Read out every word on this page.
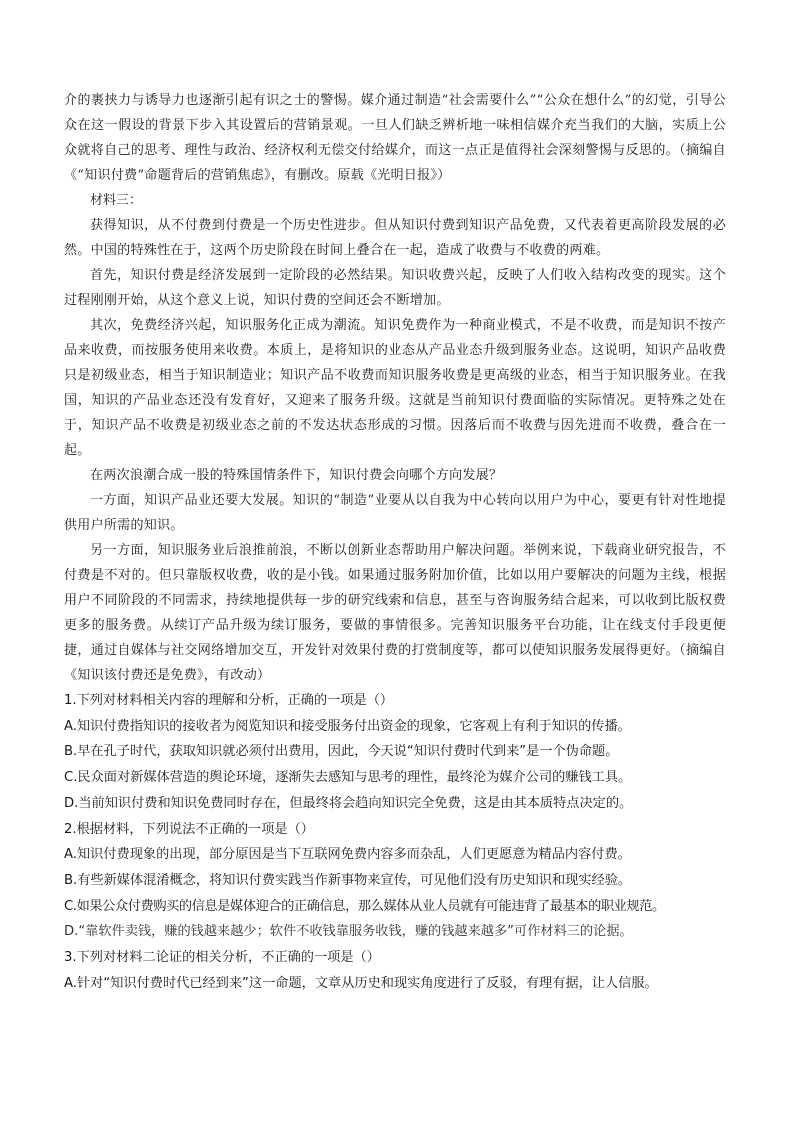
介的裹挟力与诱导力也逐渐引起有识之士的警惕。媒介通过制造“社会需要什么”“公众在想什么”的幻觉，引导公众在这一假设的背景下步入其设置后的营销景观。一旦人们缺乏辨析地一味相信媒介充当我们的大脑，实质上公众就将自己的思考、理性与政治、经济权利无偿交付给媒介，而这一点正是值得社会深刻警惕与反思的。（摘编自《“知识付费”命题背后的营销焦虑》，有删改。原载《光明日报》）

材料三：

获得知识，从不付费到付费是一个历史性进步。但从知识付费到知识产品免费，又代表着更高阶段发展的必然。中国的特殊性在于，这两个历史阶段在时间上叠合在一起，造成了收费与不收费的两难。

首先，知识付费是经济发展到一定阶段的必然结果。知识收费兴起，反映了人们收入结构改变的现实。这个过程刚刚开始，从这个意义上说，知识付费的空间还会不断增加。

其次，免费经济兴起，知识服务化正成为潮流。知识免费作为一种商业模式，不是不收费，而是知识不按产品来收费，而按服务使用来收费。本质上，是将知识的业态从产品业态升级到服务业态。这说明，知识产品收费只是初级业态，相当于知识制造业；知识产品不收费而知识服务收费是更高级的业态，相当于知识服务业。在我国，知识的产品业态还没有发育好，又迎来了服务升级。这就是当前知识付费面临的实际情况。更特殊之处在于，知识产品不收费是初级业态之前的不发达状态形成的习惯。因落后而不收费与因先进而不收费，叠合在一起。

在两次浪潮合成一股的特殊国情条件下，知识付费会向哪个方向发展？

一方面，知识产品业还要大发展。知识的“制造”业要从以自我为中心转向以用户为中心，要更有针对性地提供用户所需的知识。

另一方面，知识服务业后浪推前浪，不断以创新业态帮助用户解决问题。举例来说，下载商业研究报告，不付费是不对的。但只靠版权收费，收的是小钱。如果通过服务附加价值，比如以用户要解决的问题为主线，根据用户不同阶段的不同需求，持续地提供每一步的研究线索和信息，甚至与咨询服务结合起来，可以收到比版权费更多的服务费。从续订产品升级为续订服务，要做的事情很多。完善知识服务平台功能，让在线支付手段更便捷，通过自媒体与社交网络增加交互，开发针对效果付费的打赏制度等，都可以使知识服务发展得更好。（摘编自《知识该付费还是免费》，有改动）

1.下列对材料相关内容的理解和分析，正确的一项是（）

A.知识付费指知识的接收者为阅览知识和接受服务付出资金的现象，它客观上有利于知识的传播。

B.早在孔子时代，获取知识就必须付出费用，因此，今天说“知识付费时代到来”是一个伪命题。

C.民众面对新媒体营造的舆论环境，逐渐失去感知与思考的理性，最终沦为媒介公司的赚钱工具。

D.当前知识付费和知识免费同时存在，但最终将会趋向知识完全免费，这是由其本质特点决定的。

2.根据材料，下列说法不正确的一项是（）

A.知识付费现象的出现，部分原因是当下互联网免费内容多而杂乱，人们更愿意为精品内容付费。

B.有些新媒体混淆概念，将知识付费实践当作新事物来宣传，可见他们没有历史知识和现实经验。

C.如果公众付费购买的信息是媒体迎合的正确信息，那么媒体从业人员就有可能违背了最基本的职业规范。

D.“靠软件卖钱，赚的钱越来越少；软件不收钱靠服务收钱，赚的钱越来越多”可作材料三的论据。

3.下列对材料二论证的相关分析，不正确的一项是（）

A.针对“知识付费时代已经到来”这一命题，文章从历史和现实角度进行了反驳，有理有据，让人信服。
